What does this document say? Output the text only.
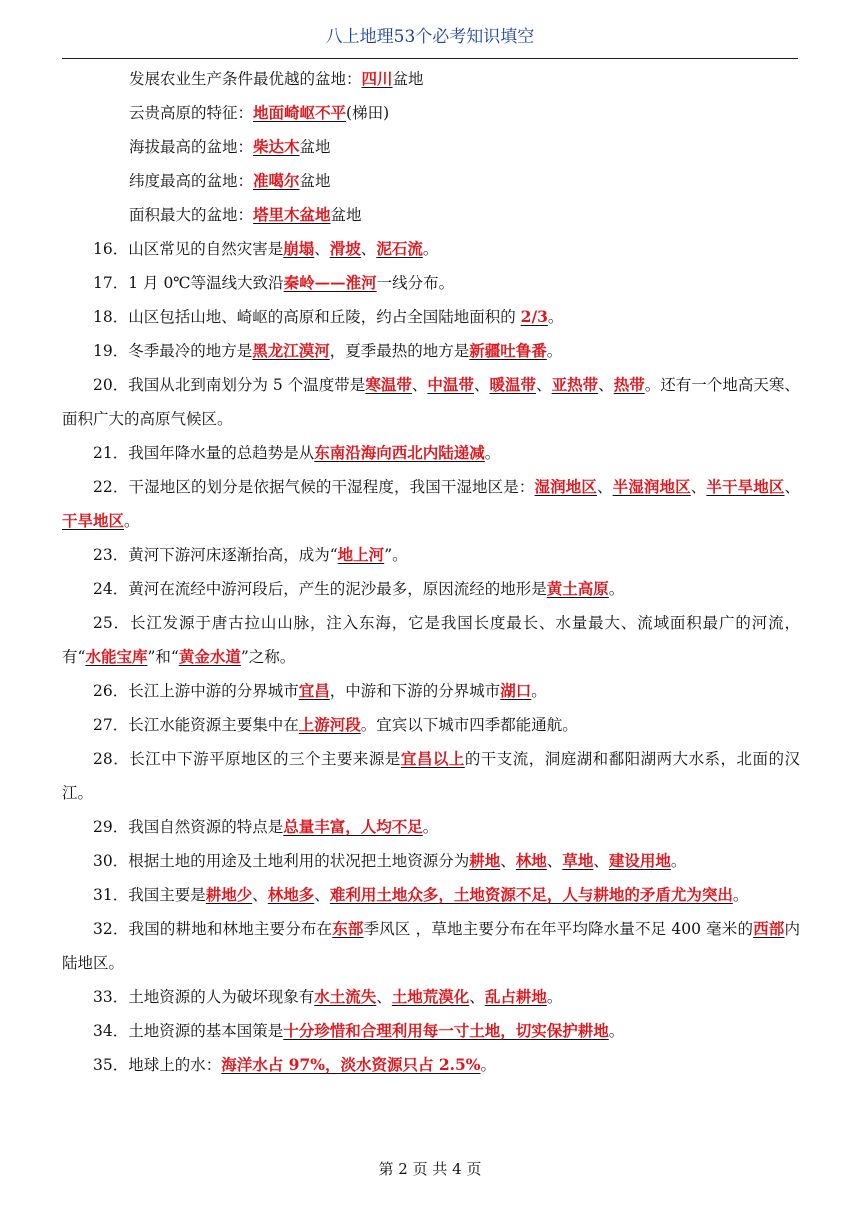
八上地理53个必考知识填空

发展农业生产条件最优越的盆地：四川盆地

云贵高原的特征：地面崎岖不平(梯田)

海拔最高的盆地：柴达木盆地

纬度最高的盆地：准噶尔盆地

面积最大的盆地：塔里木盆地盆地

16．山区常见的自然灾害是崩塌、滑坡、泥石流。

17．1 月 0℃等温线大致沿秦岭——淮河一线分布。

18．山区包括山地、崎岖的高原和丘陵，约占全国陆地面积的 2/3。

19．冬季最冷的地方是黑龙江漠河，夏季最热的地方是新疆吐鲁番。

20．我国从北到南划分为 5 个温度带是寒温带、中温带、暖温带、亚热带、热带。还有一个地高天寒、面积广大的高原气候区。

21．我国年降水量的总趋势是从东南沿海向西北内陆递减。

22．干湿地区的划分是依据气候的干湿程度，我国干湿地区是：湿润地区、半湿润地区、半干旱地区、干旱地区。

23．黄河下游河床逐渐抬高，成为“地上河”。

24．黄河在流经中游河段后，产生的泥沙最多，原因流经的地形是黄土高原。

25．长江发源于唐古拉山山脉，注入东海，它是我国长度最长、水量最大、流域面积最广的河流，有“水能宝库”和“黄金水道”之称。

26．长江上游中游的分界城市宜昌，中游和下游的分界城市湖口。

27．长江水能资源主要集中在上游河段。宜宾以下城市四季都能通航。

28．长江中下游平原地区的三个主要来源是宜昌以上的干支流，洞庭湖和鄱阳湖两大水系，北面的汉江。

29．我国自然资源的特点是总量丰富，人均不足。

30．根据土地的用途及土地利用的状况把土地资源分为耕地、林地、草地、建设用地。

31．我国主要是耕地少、林地多、难利用土地众多，土地资源不足，人与耕地的矛盾尤为突出。

32．我国的耕地和林地主要分布在东部季风区 ，草地主要分布在年平均降水量不足 400 毫米的西部内陆地区。

33．土地资源的人为破坏现象有水土流失、土地荒漠化、乱占耕地。

34．土地资源的基本国策是十分珍惜和合理利用每一寸土地，切实保护耕地。

35．地球上的水：海洋水占 97%，淡水资源只占 2.5%。

第 2 页 共 4 页
